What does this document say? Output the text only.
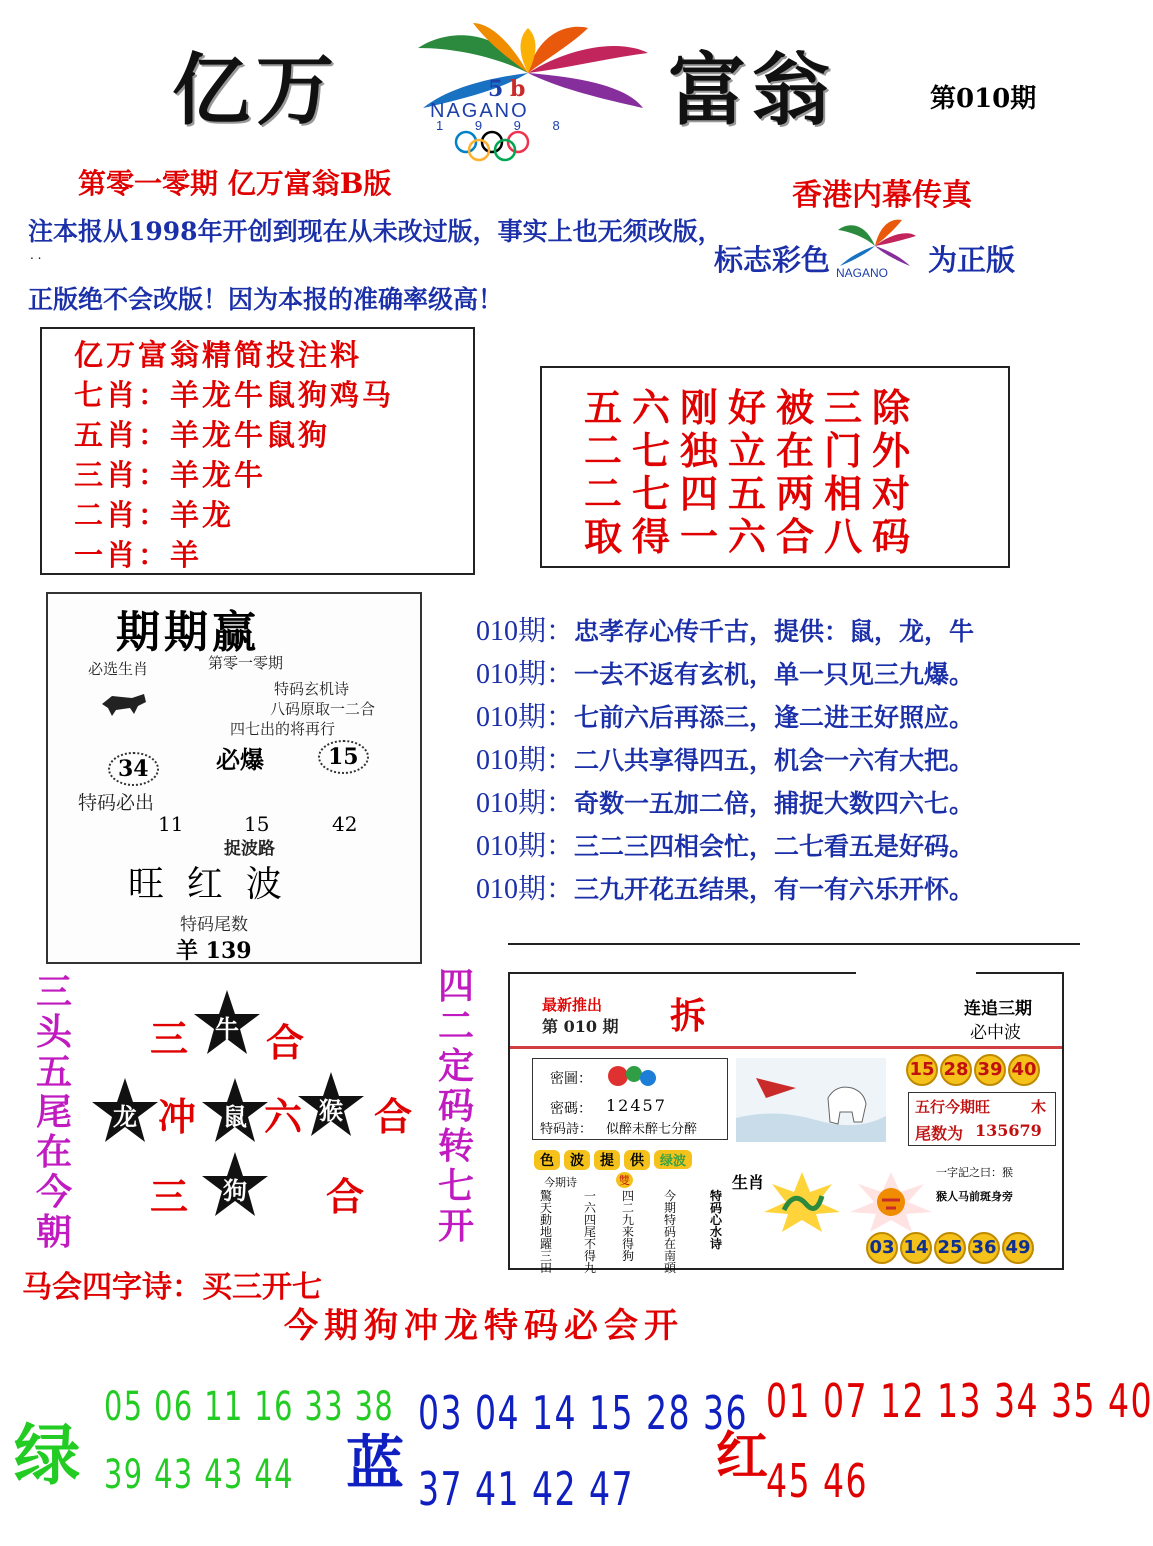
亿万	5 b
NAGANO
1 9 9 8 富翁	第010期
第零一零期 亿万富翁B版
注本报从1998年开创到现在从未改过版，事实上也无须改版，
. .
正版绝不会改版！因为本报的准确率级高！
香港内幕传真
标志彩色 NAGANO 为正版
亿万富翁精简投注料
七肖：羊龙牛鼠狗鸡马
五肖：羊龙牛鼠狗
三肖：羊龙牛
二肖：羊龙
一肖：羊
五六刚好被三除
二七独立在门外
二七四五两相对
取得一六合八码
期期赢
第零一零期
必选生肖
特码玄机诗
八码原取一二合
四七出的将再行
34	必爆	15
特码必出
11	15	42
捉波路
旺  红  波
特码尾数
羊 139
010期：忠孝存心传千古，提供：鼠，龙，牛
010期：一去不返有玄机，单一只见三九爆。
010期：七前六后再添三，逢二进王好照应。
010期：二八共享得四五，机会一六有大把。
010期：奇数一五加二倍，捕捉大数四六七。
010期：三二三四相会忙，二七看五是好码。
010期：三九开花五结果，有一有六乐开怀。
三
头
五
尾
在
今
朝
四
二
定
码
转
七
开
三	牛 合
龙 冲	鼠 六 猴 合
三	狗	合
马会四字诗：买三开七
今期狗冲龙特码必会开
最新推出
第 010 期 拆	连追三期
必中波
密圖：
密碼： 12457
特码詩： 似醉未醉七分醉
15 28 39 40
五行今期旺	木
尾数为 135679
色 波 提 供 绿波
今期诗	雙	生肖
驚天動地躍三田
一六四尾不得九
四二九来得狗
今期特码在南頭
特码心水诗
一字記之曰：猴
猴人马前斑身旁
03 14 25 36 49
绿
05 06 11 16 33 38
39 43 43 44 蓝
03 04 14 15 28 36
37 41 42 47
红
01 07 12 13 34 35 40
45 46
